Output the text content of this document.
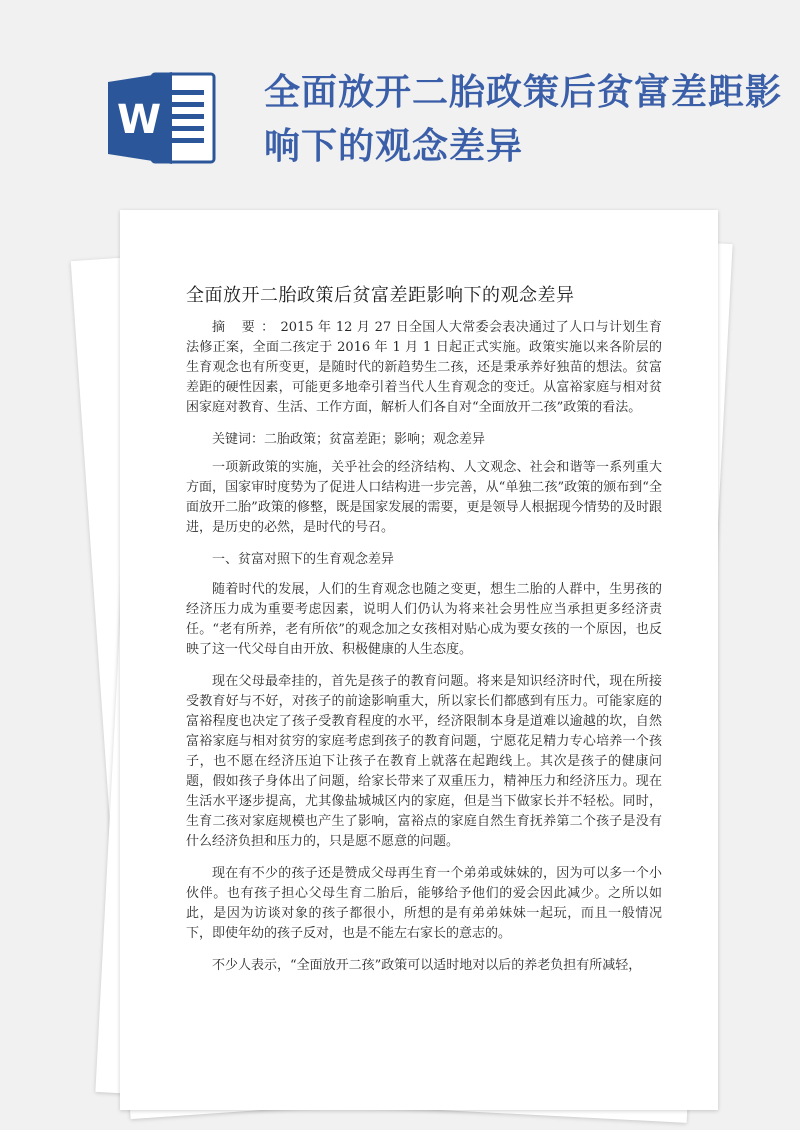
W
全面放开二胎政策后贫富差距影响下的观念差异
全面放开二胎政策后贫富差距影响下的观念差异

摘 要：2015 年 12 月 27 日全国人大常委会表决通过了人口与计划生育法修正案，全面二孩定于 2016 年 1 月 1 日起正式实施。政策实施以来各阶层的生育观念也有所变更，是随时代的新趋势生二孩，还是秉承养好独苗的想法。贫富差距的硬性因素，可能更多地牵引着当代人生育观念的变迁。从富裕家庭与相对贫困家庭对教育、生活、工作方面，解析人们各自对“全面放开二孩”政策的看法。

关键词：二胎政策；贫富差距；影响；观念差异

一项新政策的实施，关乎社会的经济结构、人文观念、社会和谐等一系列重大方面，国家审时度势为了促进人口结构进一步完善，从“单独二孩”政策的颁布到“全面放开二胎”政策的修整，既是国家发展的需要，更是领导人根据现今情势的及时跟进，是历史的必然，是时代的号召。

一、贫富对照下的生育观念差异

随着时代的发展，人们的生育观念也随之变更，想生二胎的人群中，生男孩的经济压力成为重要考虑因素，说明人们仍认为将来社会男性应当承担更多经济责任。“老有所养，老有所依”的观念加之女孩相对贴心成为要女孩的一个原因，也反映了这一代父母自由开放、积极健康的人生态度。

现在父母最牵挂的，首先是孩子的教育问题。将来是知识经济时代，现在所接受教育好与不好，对孩子的前途影响重大，所以家长们都感到有压力。可能家庭的富裕程度也决定了孩子受教育程度的水平，经济限制本身是道难以逾越的坎，自然富裕家庭与相对贫穷的家庭考虑到孩子的教育问题，宁愿花足精力专心培养一个孩子，也不愿在经济压迫下让孩子在教育上就落在起跑线上。其次是孩子的健康问题，假如孩子身体出了问题，给家长带来了双重压力，精神压力和经济压力。现在生活水平逐步提高，尤其像盐城城区内的家庭，但是当下做家长并不轻松。同时，生育二孩对家庭规模也产生了影响，富裕点的家庭自然生育抚养第二个孩子是没有什么经济负担和压力的，只是愿不愿意的问题。

现在有不少的孩子还是赞成父母再生育一个弟弟或妹妹的，因为可以多一个小伙伴。也有孩子担心父母生育二胎后，能够给予他们的爱会因此减少。之所以如此，是因为访谈对象的孩子都很小，所想的是有弟弟妹妹一起玩，而且一般情况下，即使年幼的孩子反对，也是不能左右家长的意志的。

不少人表示，“全面放开二孩”政策可以适时地对以后的养老负担有所减轻，
